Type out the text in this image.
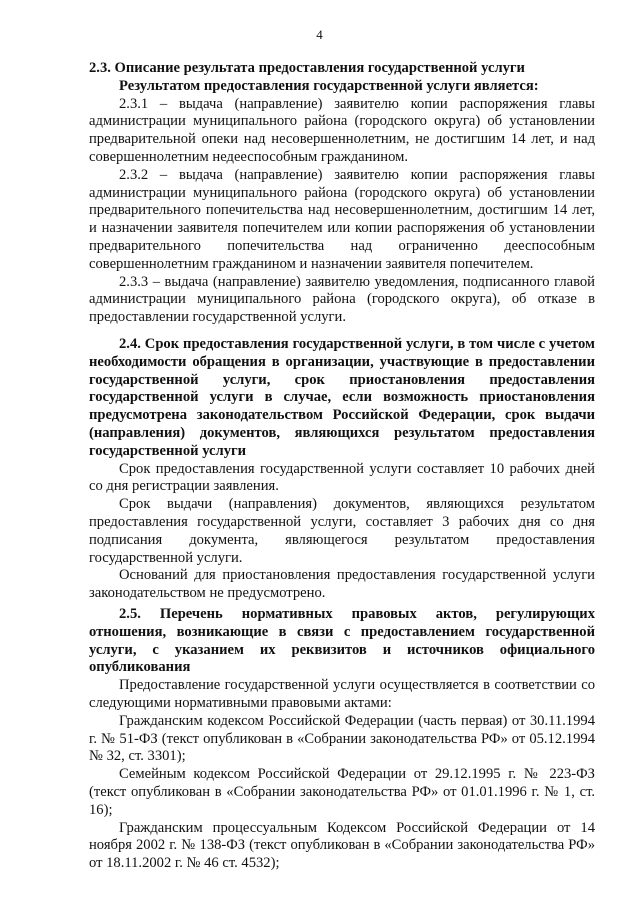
4

2.3. Описание результата предоставления государственной услуги

Результатом предоставления государственной услуги является:

2.3.1 – выдача (направление) заявителю копии распоряжения главы администрации муниципального района (городского округа) об установлении предварительной опеки над несовершеннолетним, не достигшим 14 лет, и над совершеннолетним недееспособным гражданином.

2.3.2 – выдача (направление) заявителю копии распоряжения главы администрации муниципального района (городского округа) об установлении предварительного попечительства над несовершеннолетним, достигшим 14 лет, и назначении заявителя попечителем или копии распоряжения об установлении предварительного попечительства над ограниченно дееспособным совершеннолетним гражданином и назначении заявителя попечителем.

2.3.3 – выдача (направление) заявителю уведомления, подписанного главой администрации муниципального района (городского округа), об отказе в предоставлении государственной услуги.

2.4. Срок предоставления государственной услуги, в том числе с учетом необходимости обращения в организации, участвующие в предоставлении государственной услуги, срок приостановления предоставления государственной услуги в случае, если возможность приостановления предусмотрена законодательством Российской Федерации, срок выдачи (направления) документов, являющихся результатом предоставления государственной услуги

Срок предоставления государственной услуги составляет 10 рабочих дней со дня регистрации заявления.

Срок выдачи (направления) документов, являющихся результатом предоставления государственной услуги, составляет 3 рабочих дня со дня подписания документа, являющегося результатом предоставления государственной услуги.

Оснований для приостановления предоставления государственной услуги законодательством не предусмотрено.

2.5. Перечень нормативных правовых актов, регулирующих отношения, возникающие в связи с предоставлением государственной услуги, с указанием их реквизитов и источников официального опубликования

Предоставление государственной услуги осуществляется в соответствии со следующими нормативными правовыми актами:

Гражданским кодексом Российской Федерации (часть первая) от 30.11.1994 г. № 51-ФЗ (текст опубликован в «Собрании законодательства РФ» от 05.12.1994 № 32, ст. 3301);

Семейным кодексом Российской Федерации от 29.12.1995 г. № 223-ФЗ (текст опубликован в «Собрании законодательства РФ» от 01.01.1996 г. № 1, ст. 16);

Гражданским процессуальным Кодексом Российской Федерации от 14 ноября 2002 г. № 138-ФЗ (текст опубликован в «Собрании законодательства РФ» от 18.11.2002 г. № 46 ст. 4532);
